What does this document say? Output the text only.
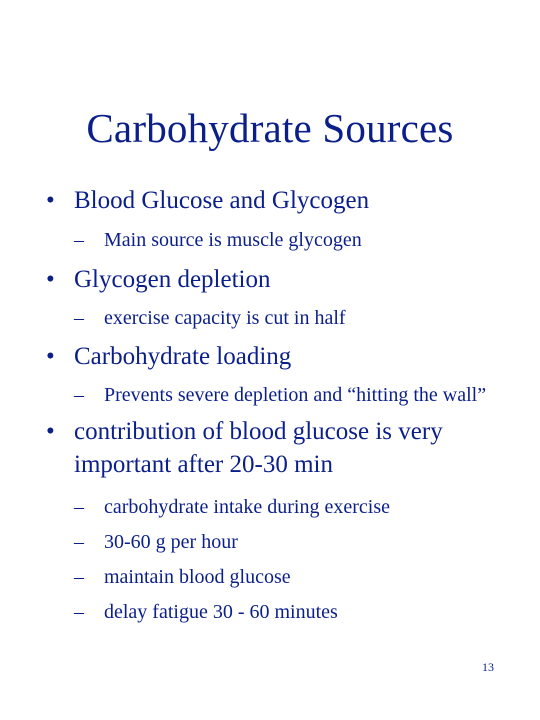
Carbohydrate Sources
• Blood Glucose and Glycogen
–	Main source is muscle glycogen
• Glycogen depletion
–	exercise capacity is cut in half
• Carbohydrate loading
–	Prevents severe depletion and “hitting the wall”
• contribution of blood glucose is very important after 20-30 min
–	carbohydrate intake during exercise
–	30-60 g per hour
–	maintain blood glucose
–	delay fatigue 30 - 60 minutes
13
